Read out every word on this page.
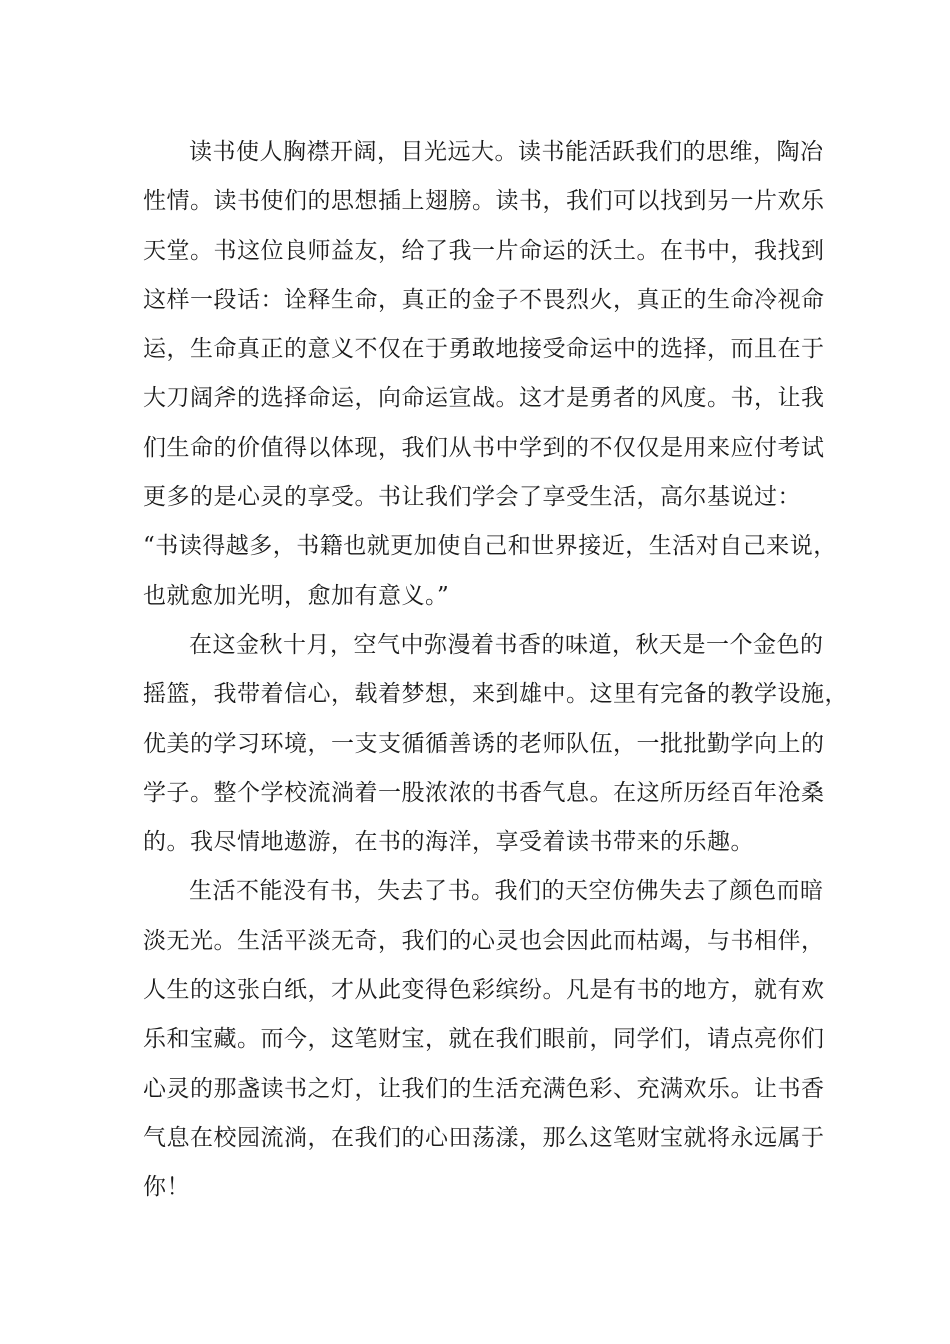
读书使人胸襟开阔，目光远大。读书能活跃我们的思维，陶冶
性情。读书使们的思想插上翅膀。读书，我们可以找到另一片欢乐
天堂。书这位良师益友，给了我一片命运的沃土。在书中，我找到
这样一段话：诠释生命，真正的金子不畏烈火，真正的生命冷视命
运，生命真正的意义不仅在于勇敢地接受命运中的选择，而且在于
大刀阔斧的选择命运，向命运宣战。这才是勇者的风度。书，让我
们生命的价值得以体现，我们从书中学到的不仅仅是用来应付考试
更多的是心灵的享受。书让我们学会了享受生活，高尔基说过：
“书读得越多，书籍也就更加使自己和世界接近，生活对自己来说，
也就愈加光明，愈加有意义。”
在这金秋十月，空气中弥漫着书香的味道，秋天是一个金色的
摇篮，我带着信心，载着梦想，来到雄中。这里有完备的教学设施，
优美的学习环境，一支支循循善诱的老师队伍，一批批勤学向上的
学子。整个学校流淌着一股浓浓的书香气息。在这所历经百年沧桑
的。我尽情地遨游，在书的海洋，享受着读书带来的乐趣。
生活不能没有书，失去了书。我们的天空仿佛失去了颜色而暗
淡无光。生活平淡无奇，我们的心灵也会因此而枯竭，与书相伴，
人生的这张白纸，才从此变得色彩缤纷。凡是有书的地方，就有欢
乐和宝藏。而今，这笔财宝，就在我们眼前，同学们，请点亮你们
心灵的那盏读书之灯，让我们的生活充满色彩、充满欢乐。让书香
气息在校园流淌，在我们的心田荡漾，那么这笔财宝就将永远属于
你！
